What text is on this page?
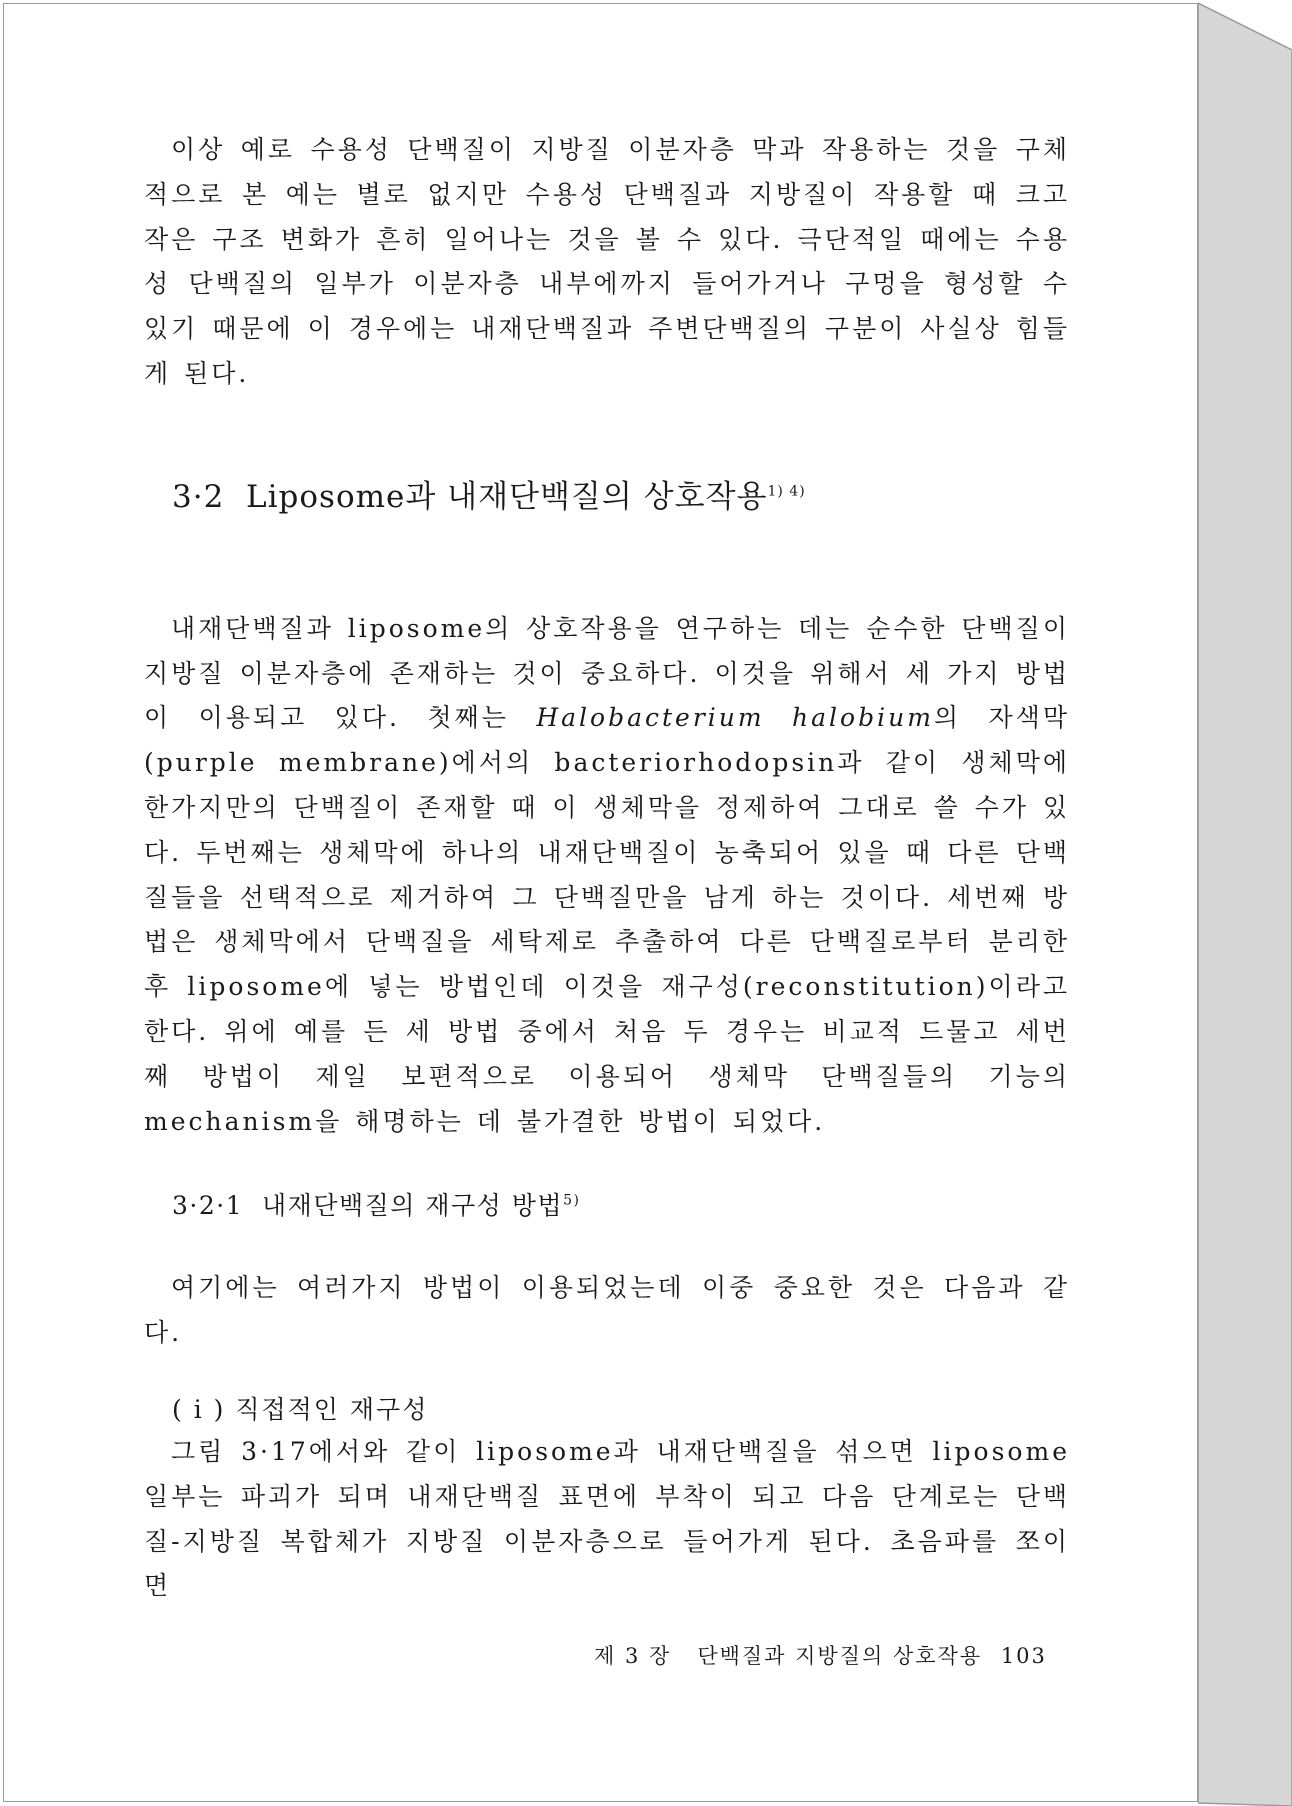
이상 예로 수용성 단백질이 지방질 이분자층 막과 작용하는 것을 구체적으로 본 예는 별로 없지만 수용성 단백질과 지방질이 작용할 때 크고 작은 구조 변화가 흔히 일어나는 것을 볼 수 있다. 극단적일 때에는 수용성 단백질의 일부가 이분자층 내부에까지 들어가거나 구멍을 형성할 수 있기 때문에 이 경우에는 내재단백질과 주변단백질의 구분이 사실상 힘들게 된다.

3·2 Liposome과 내재단백질의 상호작용$^{1) 4)}$

내재단백질과 liposome의 상호작용을 연구하는 데는 순수한 단백질이 지방질 이분자층에 존재하는 것이 중요하다. 이것을 위해서 세 가지 방법이 이용되고 있다. 첫째는 Halobacterium halobium의 자색막(purple membrane)에서의 bacteriorhodopsin과 같이 생체막에 한가지만의 단백질이 존재할 때 이 생체막을 정제하여 그대로 쓸 수가 있다. 두번째는 생체막에 하나의 내재단백질이 농축되어 있을 때 다른 단백질들을 선택적으로 제거하여 그 단백질만을 남게 하는 것이다. 세번째 방법은 생체막에서 단백질을 세탁제로 추출하여 다른 단백질로부터 분리한 후 liposome에 넣는 방법인데 이것을 재구성(reconstitution)이라고 한다. 위에 예를 든 세 방법 중에서 처음 두 경우는 비교적 드물고 세번째 방법이 제일 보편적으로 이용되어 생체막 단백질들의 기능의 mechanism을 해명하는 데 불가결한 방법이 되었다.

3·2·1 내재단백질의 재구성 방법$^{5)}$

여기에는 여러가지 방법이 이용되었는데 이중 중요한 것은 다음과 같다.

( i ) 직접적인 재구성

그림 3·17에서와 같이 liposome과 내재단백질을 섞으면 liposome일부는 파괴가 되며 내재단백질 표면에 부착이 되고 다음 단계로는 단백질-지방질 복합체가 지방질 이분자층으로 들어가게 된다. 초음파를 쪼이면

제 3 장 단백질과 지방질의 상호작용 103
